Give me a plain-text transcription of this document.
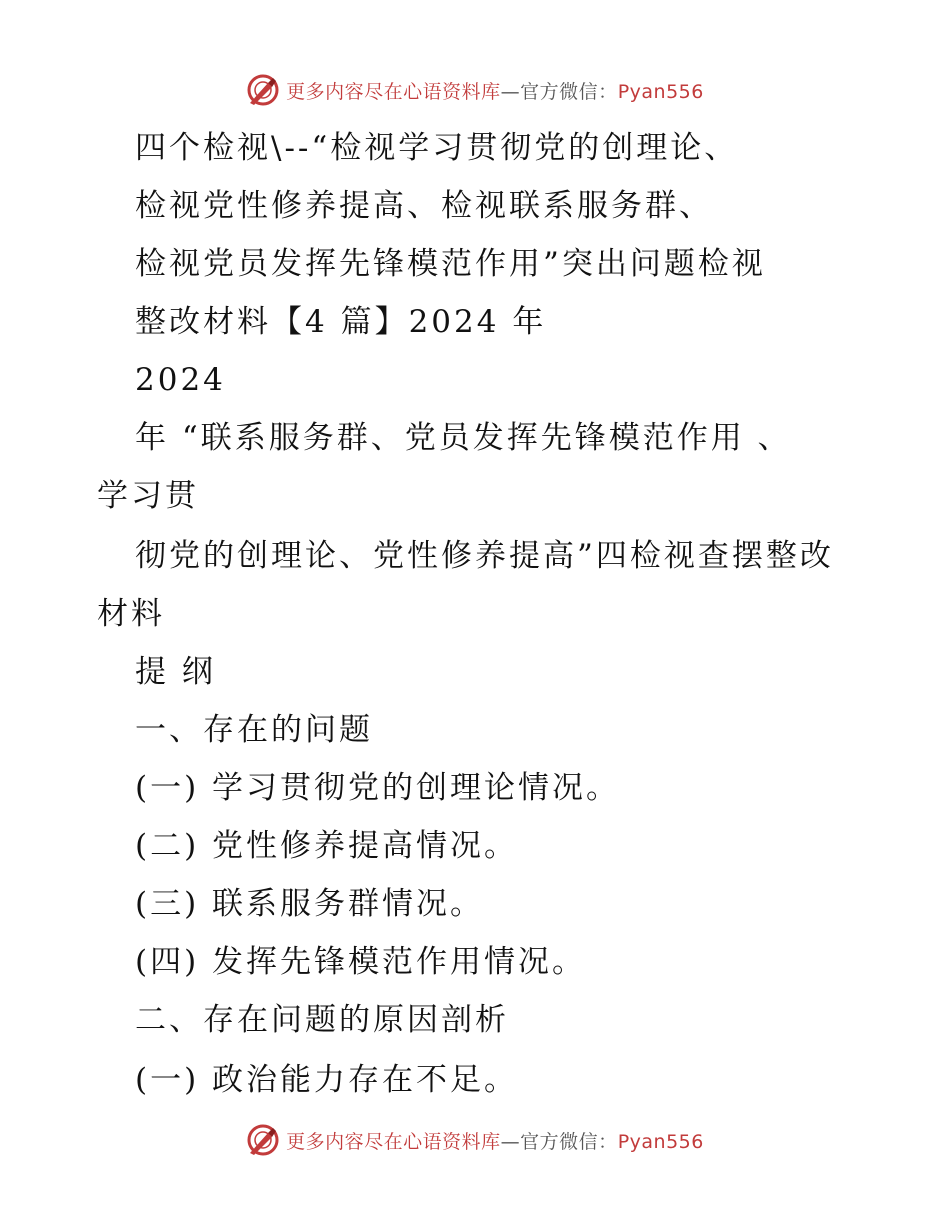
更多内容尽在心语资料库—官方微信：Pyan556
四个检视\--“检视学习贯彻党的创理论、
检视党性修养提高、检视联系服务群、
检视党员发挥先锋模范作用”突出问题检视
整改材料【4 篇】2024 年
2024
年 “联系服务群、党员发挥先锋模范作用 、
学习贯
彻党的创理论、党性修养提高”四检视查摆整改
材料
提 纲
一、存在的问题
(一) 学习贯彻党的创理论情况。
(二) 党性修养提高情况。
(三) 联系服务群情况。
(四) 发挥先锋模范作用情况。
二、存在问题的原因剖析
(一) 政治能力存在不足。
更多内容尽在心语资料库—官方微信：Pyan556
